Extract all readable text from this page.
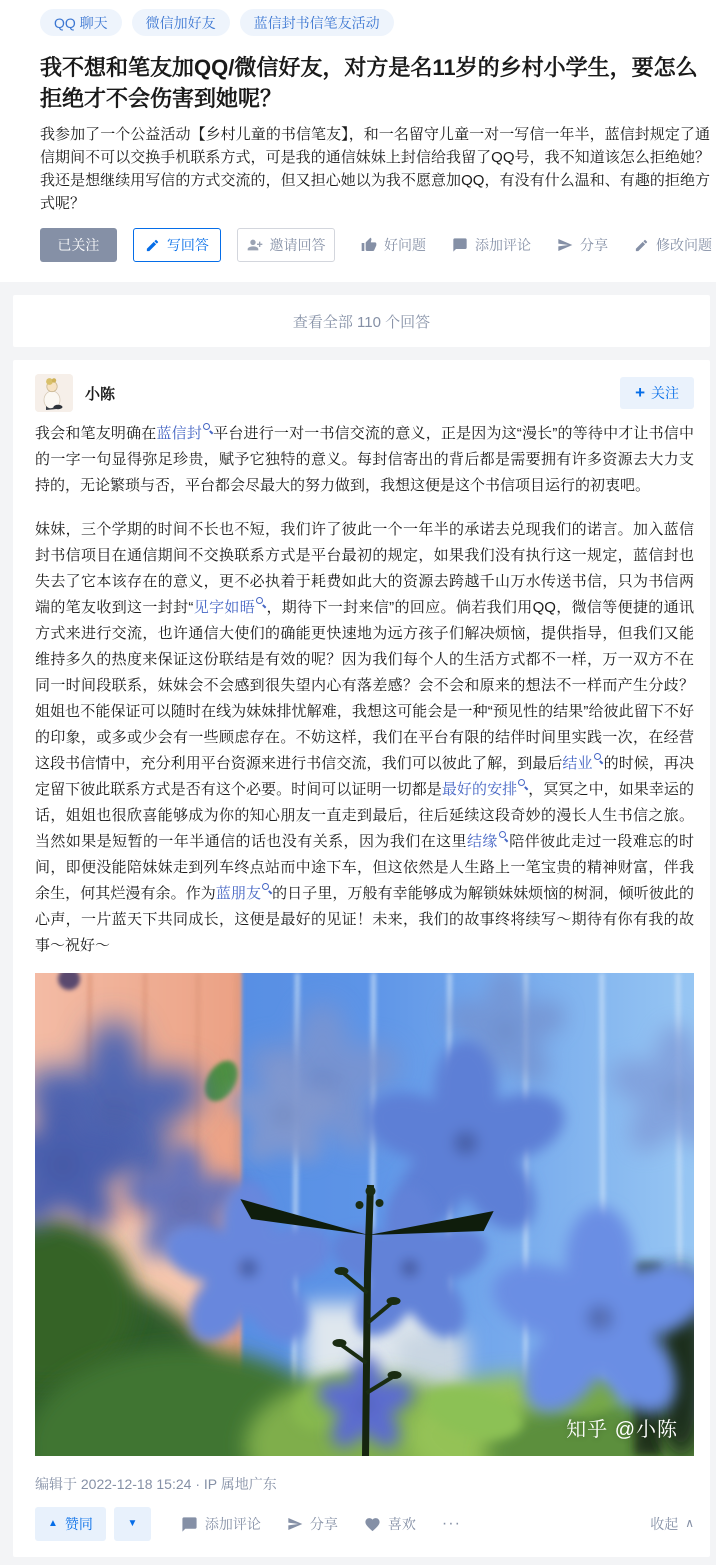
QQ 聊天	微信加好友	蓝信封书信笔友活动
我不想和笔友加QQ/微信好友，对方是名11岁的乡村小学生，要怎么拒绝才不会伤害到她呢？
我参加了一个公益活动【乡村儿童的书信笔友】，和一名留守儿童一对一写信一年半，蓝信封规定了通信期间不可以交换手机联系方式，可是我的通信妹妹上封信给我留了QQ号，我不知道该怎么拒绝她？我还是想继续用写信的方式交流的，但又担心她以为我不愿意加QQ，有没有什么温和、有趣的拒绝方式呢？
已关注	写回答	邀请回答	好问题	添加评论	分享	修改问题
查看全部 110 个回答
小陈	+ 关注

我会和笔友明确在蓝信封 平台进行一对一书信交流的意义，正是因为这“漫长”的等待中才让书信中的一字一句显得弥足珍贵，赋予它独特的意义。每封信寄出的背后都是需要拥有许多资源去大力支持的，无论繁琐与否，平台都会尽最大的努力做到，我想这便是这个书信项目运行的初衷吧。

妹妹，三个学期的时间不长也不短，我们许了彼此一个一年半的承诺去兑现我们的诺言。加入蓝信封书信项目在通信期间不交换联系方式是平台最初的规定，如果我们没有执行这一规定，蓝信封也失去了它本该存在的意义，更不必执着于耗费如此大的资源去跨越千山万水传送书信，只为书信两端的笔友收到这一封封“见字如晤 ，期待下一封来信”的回应。倘若我们用QQ，微信等便捷的通讯方式来进行交流，也许通信大使们的确能更快速地为远方孩子们解决烦恼，提供指导，但我们又能维持多久的热度来保证这份联结是有效的呢？因为我们每个人的生活方式都不一样，万一双方不在同一时间段联系，妹妹会不会感到很失望内心有落差感？会不会和原来的想法不一样而产生分歧？姐姐也不能保证可以随时在线为妹妹排忧解难，我想这可能会是一种“预见性的结果”给彼此留下不好的印象，或多或少会有一些顾虑存在。不妨这样，我们在平台有限的结伴时间里实践一次，在经营这段书信情中，充分利用平台资源来进行书信交流，我们可以彼此了解，到最后结业 的时候，再决定留下彼此联系方式是否有这个必要。时间可以证明一切都是最好的安排 ，冥冥之中，如果幸运的话，姐姐也很欣喜能够成为你的知心朋友一直走到最后，往后延续这段奇妙的漫长人生书信之旅。当然如果是短暂的一年半通信的话也没有关系，因为我们在这里结缘 陪伴彼此走过一段难忘的时间，即便没能陪妹妹走到列车终点站而中途下车，但这依然是人生路上一笔宝贵的精神财富，伴我余生，何其烂漫有余。作为蓝朋友 的日子里，万般有幸能够成为解锁妹妹烦恼的树洞，倾听彼此的心声，一片蓝天下共同成长，这便是最好的见证！未来，我们的故事终将续写～期待有你有我的故事～祝好～

知乎 @小陈
编辑于 2022-12-18 15:24 · IP 属地广东
▲ 赞同	▼	添加评论	分享	喜欢 ···	收起 ∧
